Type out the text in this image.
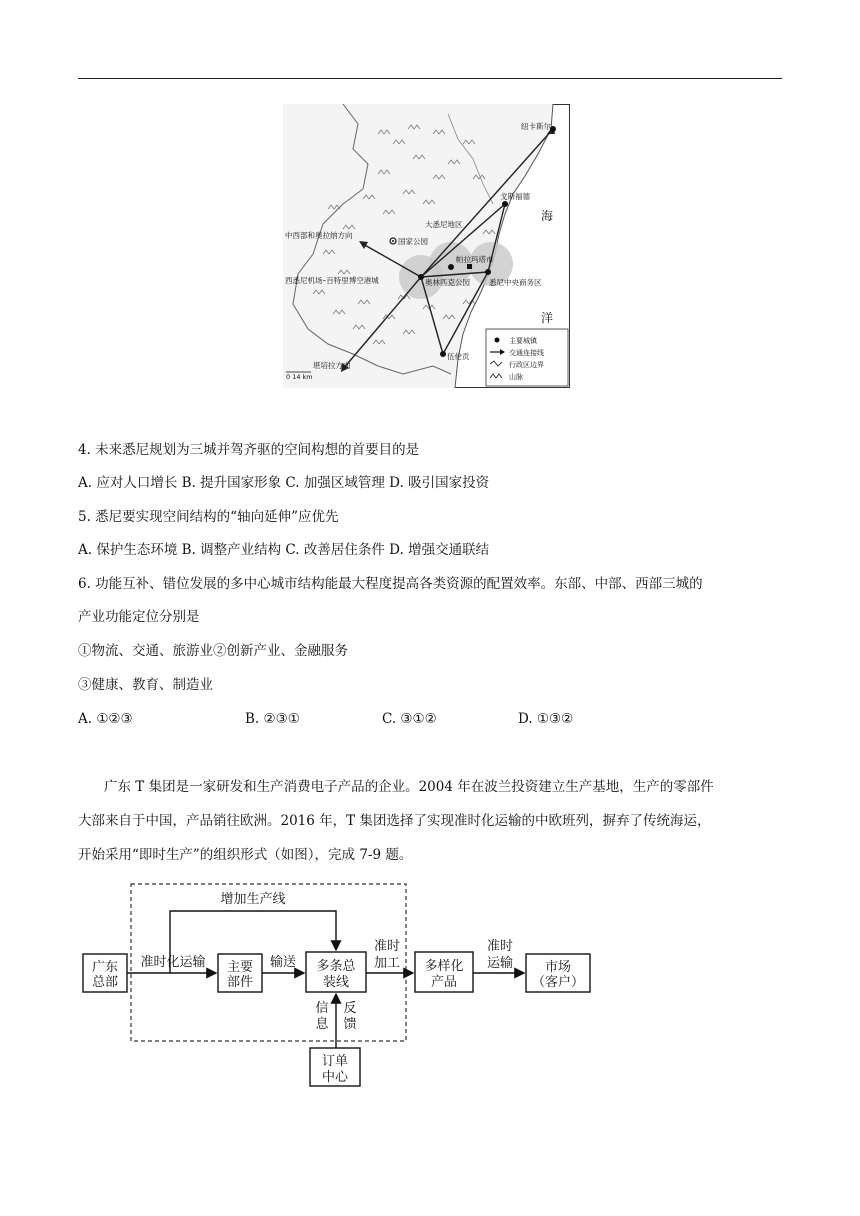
纽卡斯尔
戈斯福德
海
洋
大悉尼地区
国家公园
中西部和奥拉纳方向
帕拉玛塔市
西悉尼机场–百特里博空港城	奥林匹克公园	悉尼中央商务区
伍伦贡
堪培拉方向
0 14 km
主要城镇
交通连接线
行政区边界
山脉
4. 未来悉尼规划为三城并驾齐驱的空间构想的首要目的是
A. 应对人口增长 B. 提升国家形象 C. 加强区域管理 D. 吸引国家投资
5. 悉尼要实现空间结构的“轴向延伸”应优先
A. 保护生态环境 B. 调整产业结构 C. 改善居住条件 D. 增强交通联结
6. 功能互补、错位发展的多中心城市结构能最大程度提高各类资源的配置效率。东部、中部、西部三城的
产业功能定位分别是
①物流、交通、旅游业②创新产业、金融服务
③健康、教育、制造业
A. ①②③	B. ②③①	C. ③①②	D. ①③②
广东 T 集团是一家研发和生产消费电子产品的企业。2004 年在波兰投资建立生产基地，生产的零部件
大部来自于中国，产品销往欧洲。2016 年，T 集团选择了实现准时化运输的中欧班列，摒弃了传统海运，
开始采用“即时生产”的组织形式（如图），完成 7-9 题。
广东
总部
准时化运输 主要
部件
输送
增加生产线
多条总
装线
准时
加工 多样化
产品
准时
运输 市场
（客户）
信
息
反
馈
订单
中心
